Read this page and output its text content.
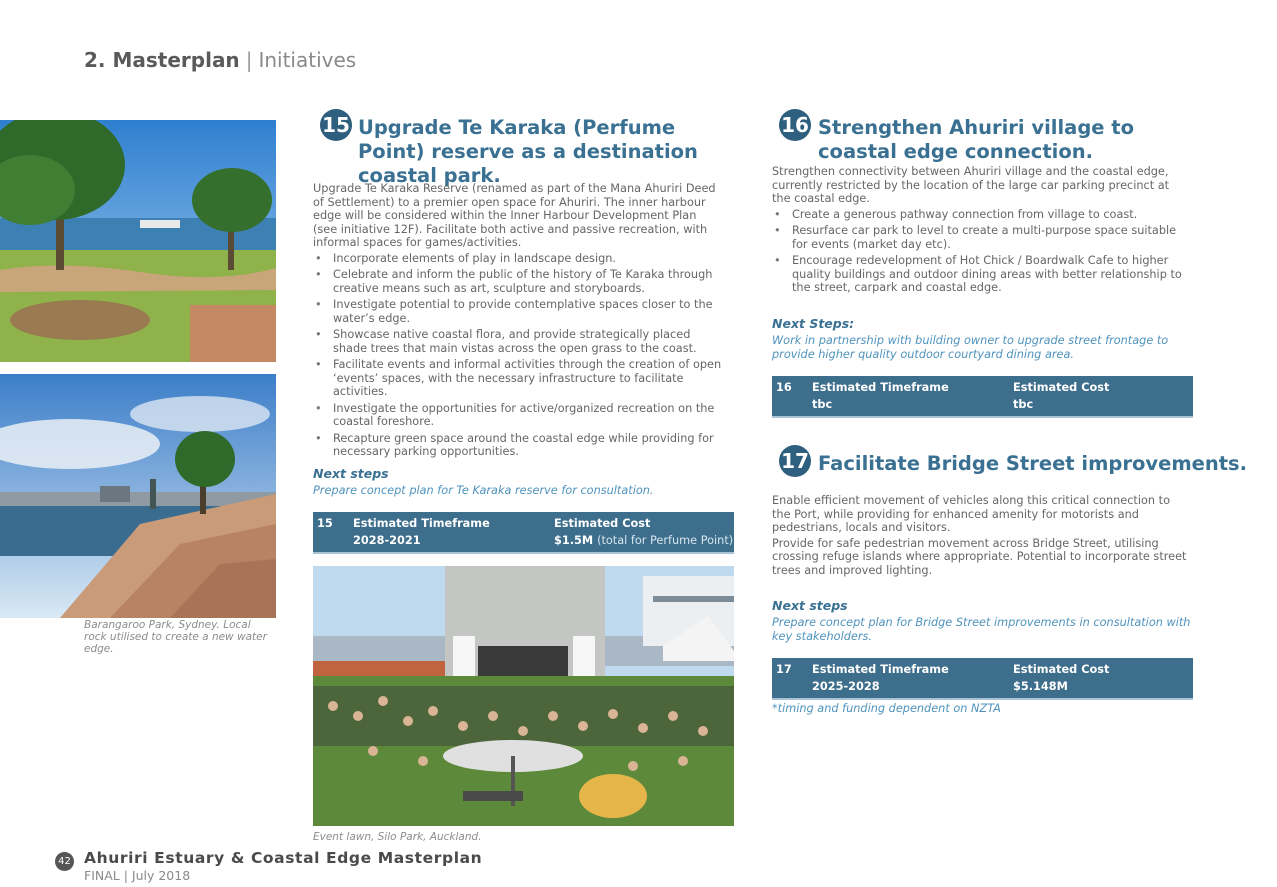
2. Masterplan | Initiatives
Barangaroo Park, Sydney. Local rock utilised to create a new water edge.
15 Upgrade Te Karaka (Perfume Point) reserve as a destination coastal park.

Upgrade Te Karaka Reserve (renamed as part of the Mana Ahuriri Deed of Settlement) to a premier open space for Ahuriri. The inner harbour edge will be considered within the Inner Harbour Development Plan (see initiative 12F). Facilitate both active and passive recreation, with informal spaces for games/activities.

• Incorporate elements of play in landscape design.
• Celebrate and inform the public of the history of Te Karaka through creative means such as art, sculpture and storyboards.
• Investigate potential to provide contemplative spaces closer to the water’s edge.
• Showcase native coastal flora, and provide strategically placed shade trees that main vistas across the open grass to the coast.
• Facilitate events and informal activities through the creation of open ‘events’ spaces, with the necessary infrastructure to facilitate activities.
• Investigate the opportunities for active/organized recreation on the coastal foreshore.
• Recapture green space around the coastal edge while providing for necessary parking opportunities.
Next steps
Prepare concept plan for Te Karaka reserve for consultation.
15 Estimated Timeframe	Estimated Cost
2028-2021	$1.5M (total for Perfume Point)
Event lawn, Silo Park, Auckland.
16 Strengthen Ahuriri village to coastal edge connection.

Strengthen connectivity between Ahuriri village and the coastal edge, currently restricted by the location of the large car parking precinct at the coastal edge.

• Create a generous pathway connection from village to coast.
• Resurface car park to level to create a multi-purpose space suitable for events (market day etc).
• Encourage redevelopment of Hot Chick / Boardwalk Cafe to higher quality buildings and outdoor dining areas with better relationship to the street, carpark and coastal edge.
Next Steps:
Work in partnership with building owner to upgrade street frontage to provide higher quality outdoor courtyard dining area.
16 Estimated Timeframe	Estimated Cost
tbc	tbc
17 Facilitate Bridge Street improvements.

Enable efficient movement of vehicles along this critical connection to the Port, while providing for enhanced amenity for motorists and pedestrians, locals and visitors.

Provide for safe pedestrian movement across Bridge Street, utilising crossing refuge islands where appropriate. Potential to incorporate street trees and improved lighting.

Next steps
Prepare concept plan for Bridge Street improvements in consultation with key stakeholders.
17 Estimated Timeframe	Estimated Cost
2025-2028	$5.148M
*timing and funding dependent on NZTA
42 Ahuriri Estuary & Coastal Edge Masterplan
FINAL | July 2018
